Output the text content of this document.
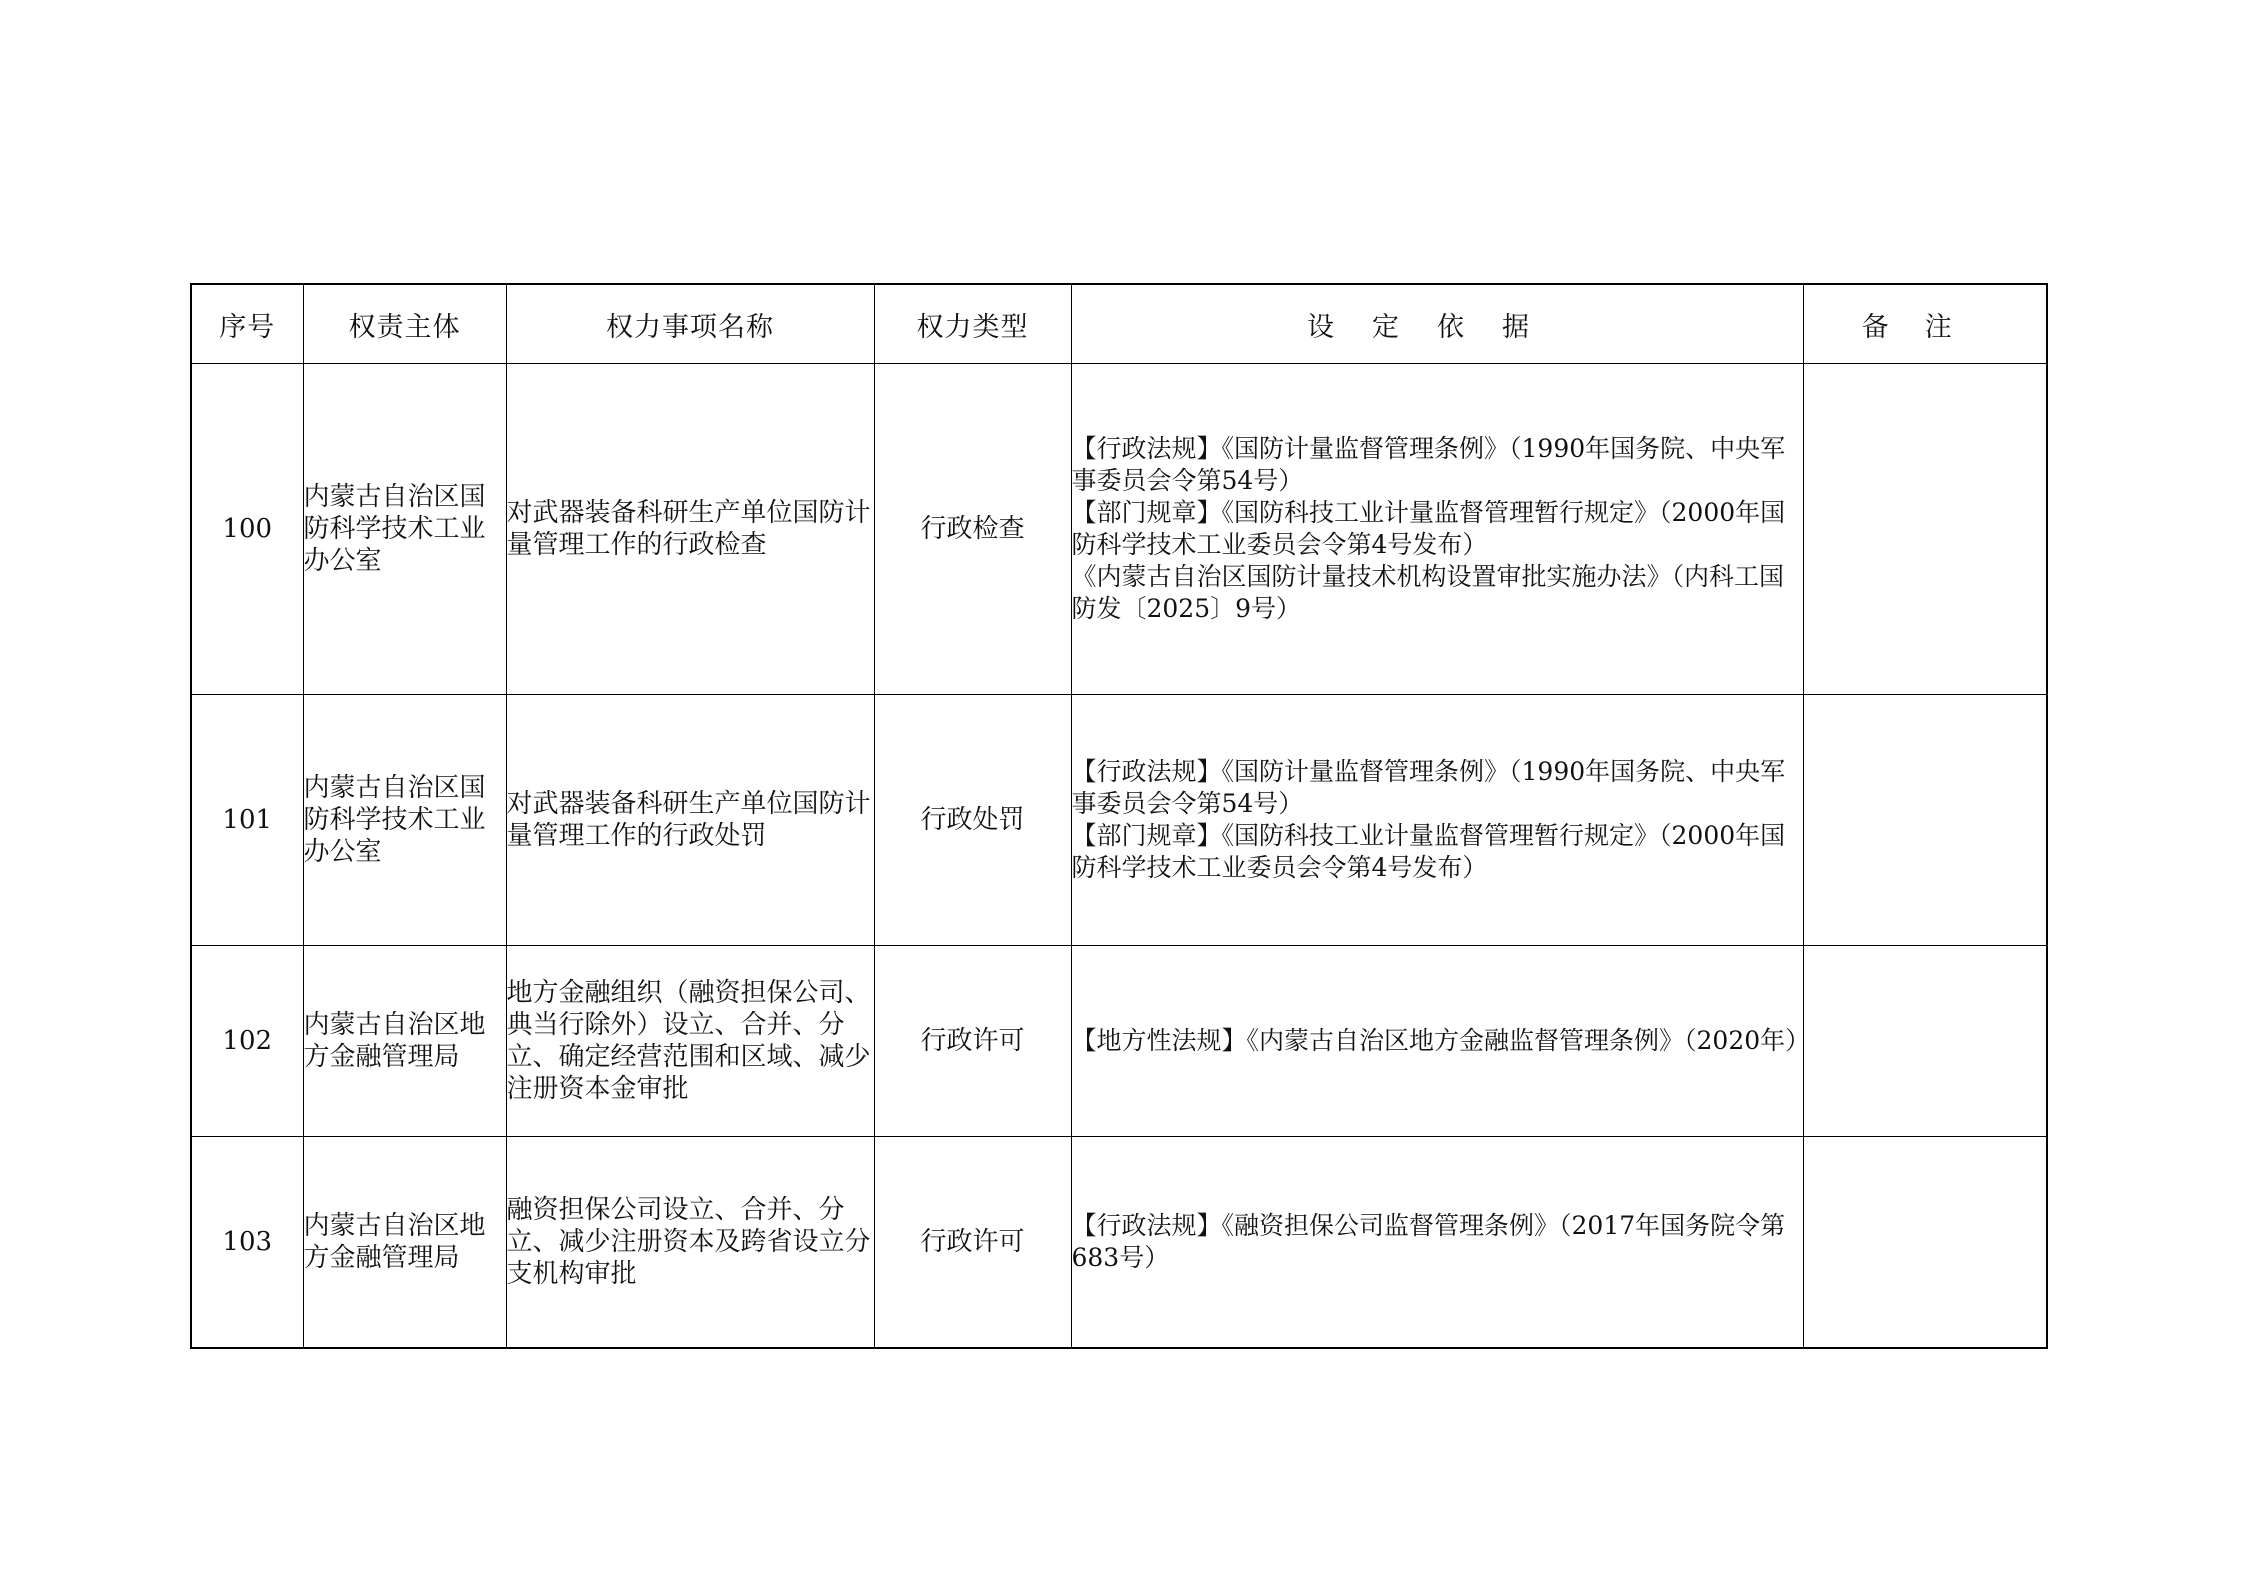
序号	权责主体	权力事项名称	权力类型	设定依据	备注
100	内蒙古自治区国防科学技术工业办公室	对武器装备科研生产单位国防计量管理工作的行政检查	行政检查	【行政法规】《国防计量监督管理条例》（1990年国务院、中央军事委员会令第54号）
【部门规章】《国防科技工业计量监督管理暂行规定》（2000年国防科学技术工业委员会令第4号发布）
《内蒙古自治区国防计量技术机构设置审批实施办法》（内科工国防发〔2025〕9号）	

101	内蒙古自治区国防科学技术工业办公室	对武器装备科研生产单位国防计量管理工作的行政处罚	行政处罚	【行政法规】《国防计量监督管理条例》（1990年国务院、中央军事委员会令第54号）
【部门规章】《国防科技工业计量监督管理暂行规定》（2000年国防科学技术工业委员会令第4号发布）	

102	内蒙古自治区地方金融管理局	地方金融组织（融资担保公司、典当行除外）设立、合并、分立、确定经营范围和区域、减少注册资本金审批	行政许可	【地方性法规】《内蒙古自治区地方金融监督管理条例》（2020年）	

103	内蒙古自治区地方金融管理局	融资担保公司设立、合并、分立、减少注册资本及跨省设立分支机构审批	行政许可	【行政法规】《融资担保公司监督管理条例》（2017年国务院令第683号）	
